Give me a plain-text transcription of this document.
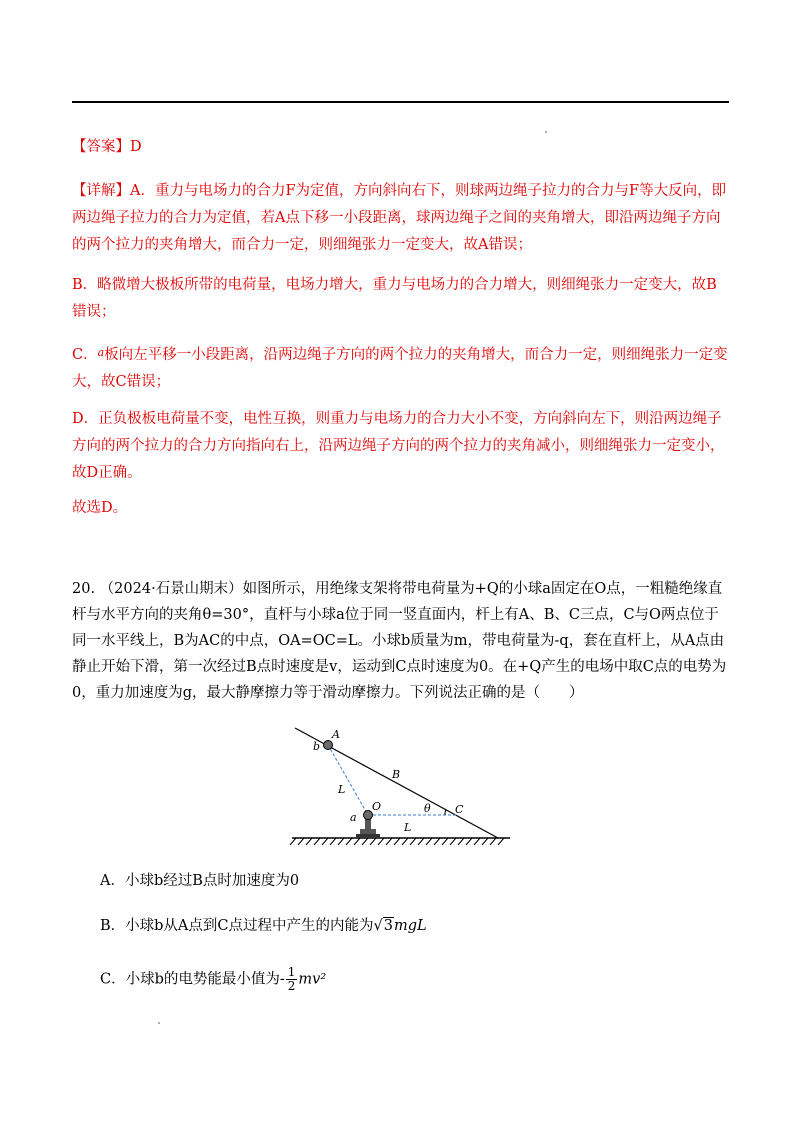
【答案】D
【详解】A．重力与电场力的合力F为定值，方向斜向右下，则球两边绳子拉力的合力与F等大反向，即两边绳子拉力的合力为定值，若A点下移一小段距离，球两边绳子之间的夹角增大，即沿两边绳子方向的两个拉力的夹角增大，而合力一定，则细绳张力一定变大，故A错误；
B．略微增大极板所带的电荷量，电场力增大，重力与电场力的合力增大，则细绳张力一定变大，故B错误；
C．$^a$板向左平移一小段距离，沿两边绳子方向的两个拉力的夹角增大，而合力一定，则细绳张力一定变大，故C错误；
D．正负极板电荷量不变，电性互换，则重力与电场力的合力大小不变，方向斜向左下，则沿两边绳子方向的两个拉力的合力方向指向右上，沿两边绳子方向的两个拉力的夹角减小，则细绳张力一定变小，故D正确。
故选D。
20. （2024·石景山期末）如图所示，用绝缘支架将带电荷量为+Q的小球a固定在O点，一粗糙绝缘直杆与水平方向的夹角θ=30°，直杆与小球a位于同一竖直面内，杆上有A、B、C三点，C与O两点位于同一水平线上，B为AC的中点，OA=OC=L。小球b质量为m，带电荷量为-q，套在直杆上，从A点由静止开始下滑，第一次经过B点时速度是v，运动到C点时速度为0。在+Q产生的电场中取C点的电势为0，重力加速度为g，最大静摩擦力等于滑动摩擦力。下列说法正确的是（　　）
A
b
B
L
O	θ C
a
L
A．小球b经过B点时加速度为0
B．小球b从A点到C点过程中产生的内能为√3mgL
C．小球b的电势能最小值为- $\frac{1}{2} mv^2$
